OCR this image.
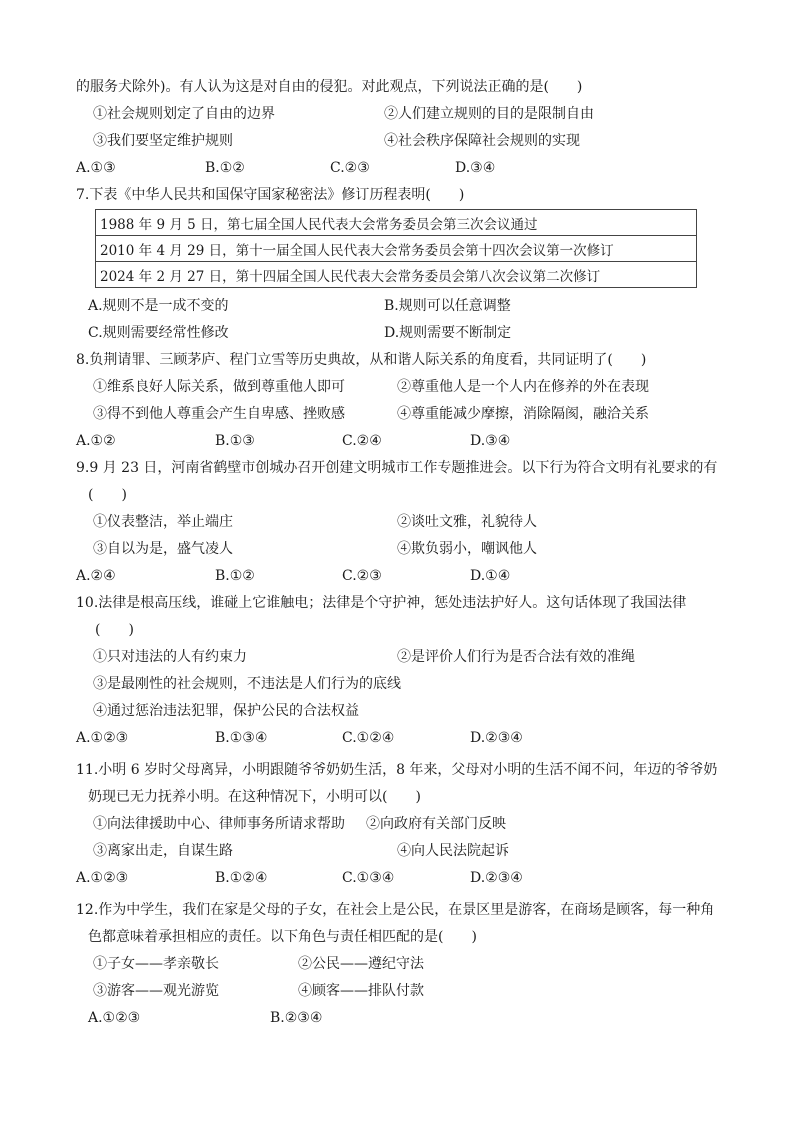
的服务犬除外)。有人认为这是对自由的侵犯。对此观点，下列说法正确的是(　　)
①社会规则划定了自由的边界	②人们建立规则的目的是限制自由
③我们要坚定维护规则	④社会秩序保障社会规则的实现
A.①③	B.①②	C.②③	D.③④
7.下表《中华人民共和国保守国家秘密法》修订历程表明(　　)
1988 年 9 月 5 日，第七届全国人民代表大会常务委员会第三次会议通过
2010 年 4 月 29 日，第十一届全国人民代表大会常务委员会第十四次会议第一次修订
2024 年 2 月 27 日，第十四届全国人民代表大会常务委员会第八次会议第二次修订
A.规则不是一成不变的	B.规则可以任意调整
C.规则需要经常性修改	D.规则需要不断制定
8.负荆请罪、三顾茅庐、程门立雪等历史典故，从和谐人际关系的角度看，共同证明了(　　)
①维系良好人际关系，做到尊重他人即可	②尊重他人是一个人内在修养的外在表现
③得不到他人尊重会产生自卑感、挫败感	④尊重能减少摩擦，消除隔阂，融洽关系
A.①②	B.①③	C.②④	D.③④
9.9 月 23 日，河南省鹤壁市创城办召开创建文明城市工作专题推进会。以下行为符合文明有礼要求的有
(　　)
①仪表整洁，举止端庄	②谈吐文雅，礼貌待人
③自以为是，盛气凌人	④欺负弱小，嘲讽他人
A.②④	B.①②	C.②③	D.①④
10.法律是根高压线，谁碰上它谁触电；法律是个守护神，惩处违法护好人。这句话体现了我国法律
(　　)
①只对违法的人有约束力	②是评价人们行为是否合法有效的准绳
③是最刚性的社会规则，不违法是人们行为的底线
④通过惩治违法犯罪，保护公民的合法权益
A.①②③	B.①③④	C.①②④	D.②③④
11.小明 6 岁时父母离异，小明跟随爷爷奶奶生活，8 年来，父母对小明的生活不闻不问，年迈的爷爷奶
奶现已无力抚养小明。在这种情况下，小明可以(　　)
①向法律援助中心、律师事务所请求帮助 ②向政府有关部门反映
③离家出走，自谋生路	④向人民法院起诉
A.①②③	B.①②④	C.①③④	D.②③④
12.作为中学生，我们在家是父母的子女，在社会上是公民，在景区里是游客，在商场是顾客，每一种角
色都意味着承担相应的责任。以下角色与责任相匹配的是(　　)
①子女——孝亲敬长	②公民——遵纪守法
③游客——观光游览	④顾客——排队付款
A.①②③	B.②③④
